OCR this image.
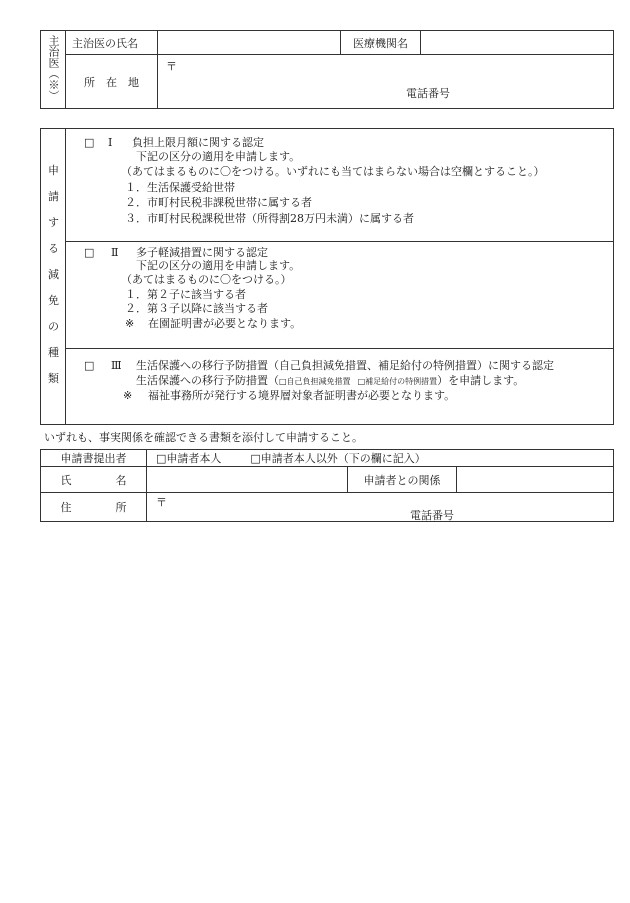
主治医（※）	主治医の氏名		医療機関名	
	所　在　地	〒
電話番号		
申
請
す
る
減
免
の
種
類
□ Ⅰ 負担上限月額に関する認定
下記の区分の適用を申請します。
（あてはまるものに〇をつける。いずれにも当てはまらない場合は空欄とすること。）
１．生活保護受給世帯
２．市町村民税非課税世帯に属する者
３．市町村民税課税世帯（所得割28万円未満）に属する者
□ Ⅱ 多子軽減措置に関する認定
下記の区分の適用を申請します。
（あてはまるものに〇をつける。）
１．第２子に該当する者
２．第３子以降に該当する者
※ 在園証明書が必要となります。
□ Ⅲ 生活保護への移行予防措置（自己負担減免措置、補足給付の特例措置）に関する認定
生活保護への移行予防措置（□自己負担減免措置 □補足給付の特例措置）を申請します。
※ 福祉事務所が発行する境界層対象者証明書が必要となります。
いずれも、事実関係を確認できる書類を添付して申請すること。
申請書提出者	□申請者本人 □申請者本人以外（下の欄に記入）		
氏　　　　名		申請者との関係	
住　　　　所	〒
電話番号		
